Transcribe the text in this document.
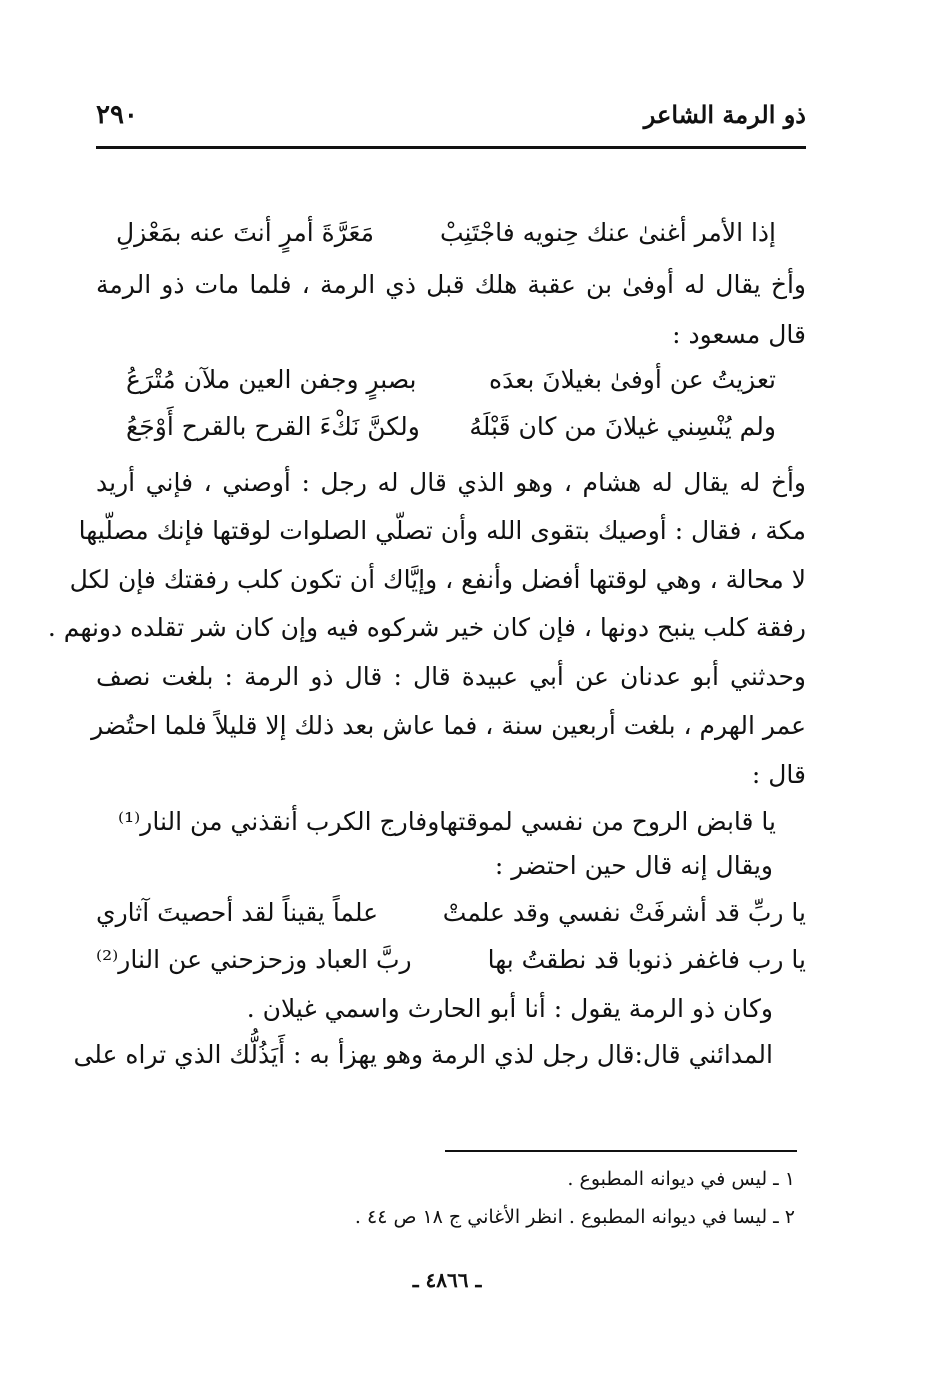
ذو الرمة الشاعر
٢٩٠
إذا الأمر أغنىٰ عنك حِنويه فاجْتَنِبْ
مَعَرَّةَ أمرٍ أنتَ عنه بمَعْزلِ
وأخ يقال له أوفىٰ بن عقبة هلك قبل ذي الرمة ، فلما مات ذو الرمة
قال مسعود :
تعزيتُ عن أوفىٰ بغيلانَ بعدَه
بصبرٍ وجفن العين ملآن مُتْرَعُ
ولم يُنْسِني غيلانَ من كان قَبْلَهُ
ولكنَّ نَكْءَ القرح بالقرح أَوْجَعُ
وأخ له يقال له هشام ، وهو الذي قال له رجل : أوصني ، فإني أريد
مكة ، فقال : أوصيك بتقوى الله وأن تصلّي الصلوات لوقتها فإنك مصلّيها
لا محالة ، وهي لوقتها أفضل وأنفع ، وإيَّاك أن تكون كلب رفقتك فإن لكل
رفقة كلب ينبح دونها ، فإن كان خير شركوه فيه وإن كان شر تقلده دونهم .
وحدثني أبو عدنان عن أبي عبيدة قال : قال ذو الرمة : بلغت نصف
عمر الهرم ، بلغت أربعين سنة ، فما عاش بعد ذلك إلا قليلاً فلما احتُضر
قال :
يا قابض الروح من نفسي لموقتها
وفارج الكرب أنقذني من النار⁽¹⁾
ويقال إنه قال حين احتضر :
يا ربِّ قد أشرفَتْ نفسي وقد علمتْ
علماً يقيناً لقد أحصيتَ آثاري
يا رب فاغفر ذنوبا قد نطقتُ بها
ربَّ العباد وزحزحني عن النار⁽²⁾
وكان ذو الرمة يقول : أنا أبو الحارث واسمي غيلان .
المدائني قال:قال رجل لذي الرمة وهو يهزأ به : أَيَذُلُّك الذي تراه على
١ ـ ليس في ديوانه المطبوع .
٢ ـ ليسا في ديوانه المطبوع . انظر الأغاني ج ١٨ ص ٤٤ .
ـ ٤٨٦٦ ـ
